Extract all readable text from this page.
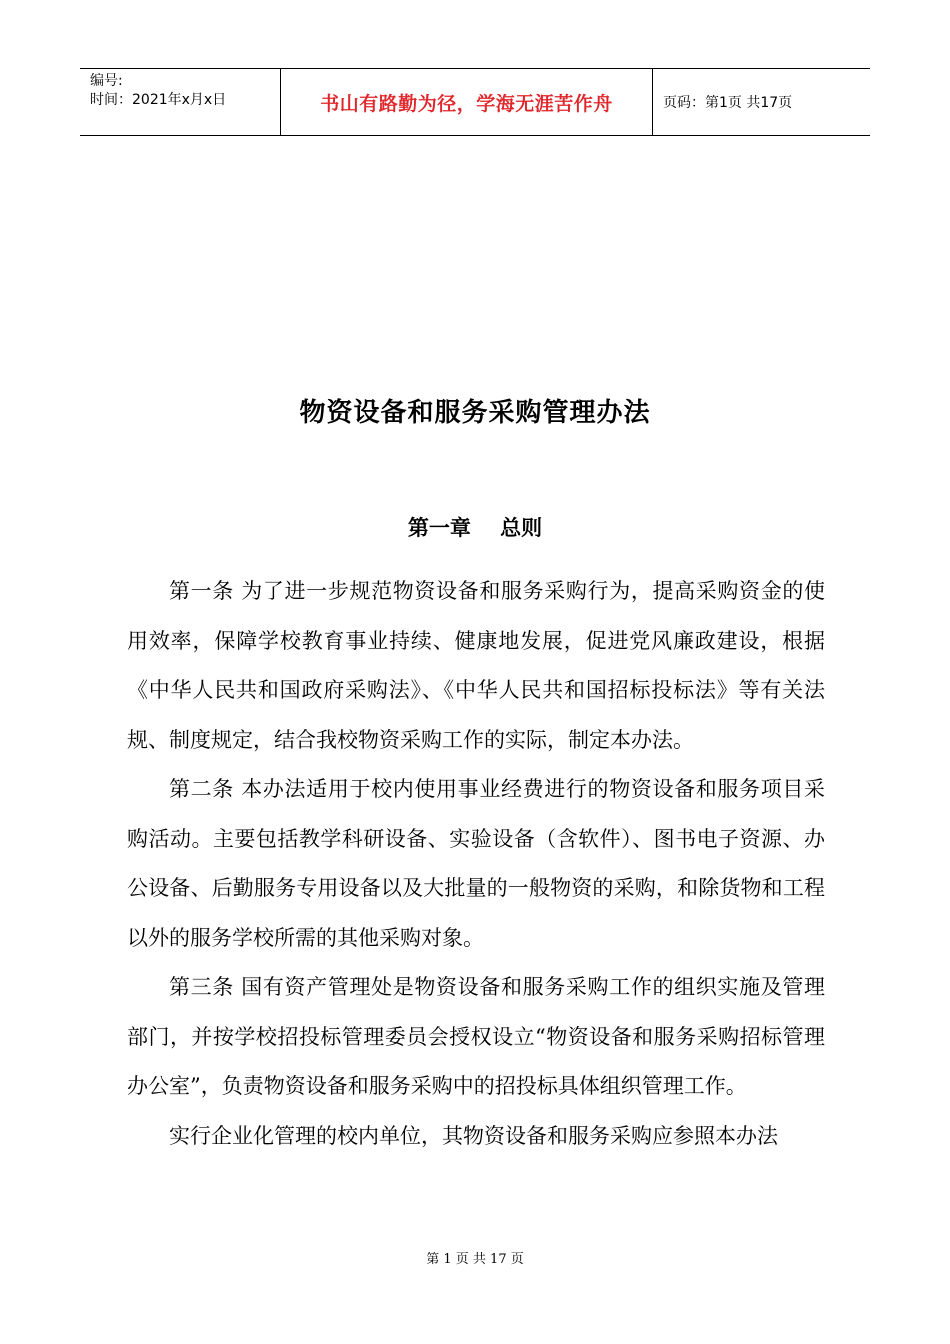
编号:
时间：2021年x月x日	书山有路勤为径，学海无涯苦作舟	页码：第1页 共17页
物资设备和服务采购管理办法
第一章    总则

第一条 为了进一步规范物资设备和服务采购行为，提高采购资金的使用效率，保障学校教育事业持续、健康地发展，促进党风廉政建设，根据《中华人民共和国政府采购法》、《中华人民共和国招标投标法》等有关法规、制度规定，结合我校物资采购工作的实际，制定本办法。

第二条 本办法适用于校内使用事业经费进行的物资设备和服务项目采购活动。主要包括教学科研设备、实验设备（含软件）、图书电子资源、办公设备、后勤服务专用设备以及大批量的一般物资的采购，和除货物和工程以外的服务学校所需的其他采购对象。

第三条 国有资产管理处是物资设备和服务采购工作的组织实施及管理部门，并按学校招投标管理委员会授权设立“物资设备和服务采购招标管理办公室”，负责物资设备和服务采购中的招投标具体组织管理工作。

实行企业化管理的校内单位，其物资设备和服务采购应参照本办法

第 1 页 共 17 页
